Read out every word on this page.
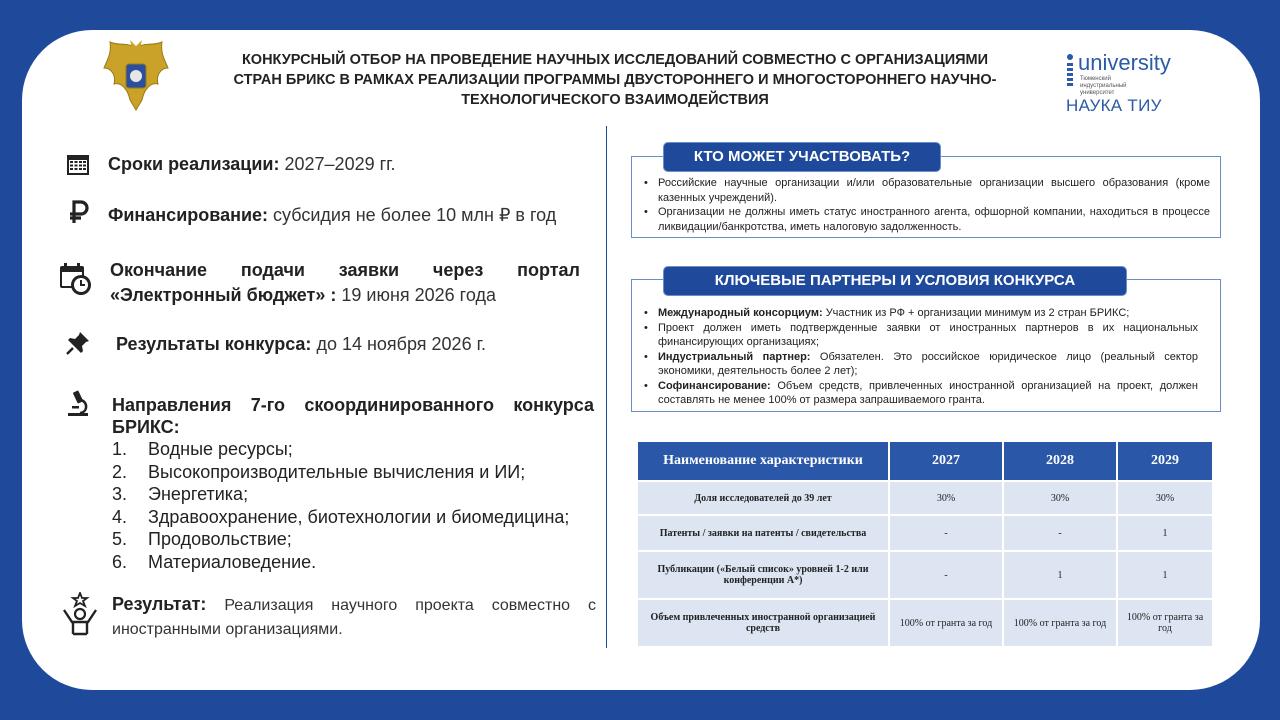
КОНКУРСНЫЙ ОТБОР НА ПРОВЕДЕНИЕ НАУЧНЫХ ИССЛЕДОВАНИЙ СОВМЕСТНО С ОРГАНИЗАЦИЯМИ
СТРАН БРИКС В РАМКАХ РЕАЛИЗАЦИИ ПРОГРАММЫ ДВУСТОРОННЕГО И МНОГОСТОРОННЕГО НАУЧНО-
ТЕХНОЛОГИЧЕСКОГО ВЗАИМОДЕЙСТВИЯ
university
Тюменский индустриальный университет
НАУКА ТИУ
Сроки реализации: 2027–2029 гг.
Финансирование: субсидия не более 10 млн ₽ в год
Окончание подачи заявки через портал «Электронный бюджет» : 19 июня 2026 года
Результаты конкурса: до 14 ноября 2026 г.
Направления 7-го скоординированного конкурса БРИКС:
1.	Водные ресурсы;
2.	Высокопроизводительные вычисления и ИИ;
3.	Энергетика;
4.	Здравоохранение, биотехнологии и биомедицина;
5.	Продовольствие;
6.	Материаловедение.
Результат: Реализация научного проекта совместно с иностранными организациями.
• Российские научные организации и/или образовательные организации высшего образования (кроме казенных учреждений).
• Организации не должны иметь статус иностранного агента, офшорной компании, находиться в процессе ликвидации/банкротства, иметь налоговую задолженность.
КТО МОЖЕТ УЧАСТВОВАТЬ?
• Международный консорциум: Участник из РФ + организации минимум из 2 стран БРИКС;
• Проект должен иметь подтвержденные заявки от иностранных партнеров в их национальных финансирующих организациях;
• Индустриальный партнер: Обязателен. Это российское юридическое лицо (реальный сектор экономики, деятельность более 2 лет);
• Софинансирование: Объем средств, привлеченных иностранной организацией на проект, должен составлять не менее 100% от размера запрашиваемого гранта.
КЛЮЧЕВЫЕ ПАРТНЕРЫ И УСЛОВИЯ КОНКУРСА
Наименование характеристики	2027	2028	2029
Доля исследователей до 39 лет	30%	30%	30%
Патенты / заявки на патенты / свидетельства	-	-	1
Публикации («Белый список» уровней 1-2 или конференции А*)	-	1	1
Объем привлеченных иностранной организацией средств	100% от гранта за год	100% от гранта за год	100% от гранта за год
